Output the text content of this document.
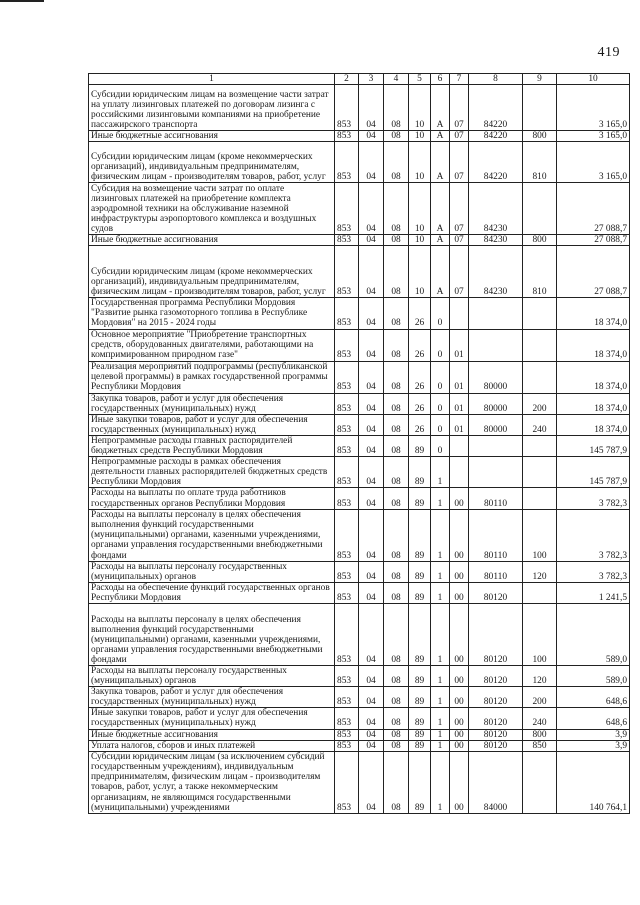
419
1	2	3	4	5	6	7	8	9	10
Субсидии юридическим лицам на возмещение части затрат на уплату лизинговых платежей по договорам лизинга с российскими лизинговыми компаниями на приобретение пассажирского транспорта	853	04	08	10	А	07	84220		3 165,0
Иные бюджетные ассигнования	853	04	08	10	А	07	84220	800	3 165,0
Субсидии юридическим лицам (кроме некоммерческих организаций), индивидуальным предпринимателям, физическим лицам - производителям товаров, работ, услуг	853	04	08	10	А	07	84220	810	3 165,0
Субсидия на возмещение части затрат по оплате лизинговых платежей на приобретение комплекта аэродромной техники на обслуживание наземной инфраструктуры аэропортового комплекса и воздушных судов	853	04	08	10	А	07	84230		27 088,7
Иные бюджетные ассигнования	853	04	08	10	А	07	84230	800	27 088,7
Субсидии юридическим лицам (кроме некоммерческих организаций), индивидуальным предпринимателям, физическим лицам - производителям товаров, работ, услуг	853	04	08	10	А	07	84230	810	27 088,7
Государственная программа Республики Мордовия "Развитие рынка газомоторного топлива в Республике Мордовия" на 2015 - 2024 годы	853	04	08	26	0				18 374,0
Основное мероприятие "Приобретение транспортных средств, оборудованных двигателями, работающими на компримированном природном газе"	853	04	08	26	0	01			18 374,0
Реализация мероприятий подпрограммы (республиканской целевой программы) в рамках государственной программы Республики Мордовия	853	04	08	26	0	01	80000		18 374,0
Закупка товаров, работ и услуг для обеспечения государственных (муниципальных) нужд	853	04	08	26	0	01	80000	200	18 374,0
Иные закупки товаров, работ и услуг для обеспечения государственных (муниципальных) нужд	853	04	08	26	0	01	80000	240	18 374,0
Непрограммные расходы главных распорядителей бюджетных средств Республики Мордовия	853	04	08	89	0				145 787,9
Непрограммные расходы в рамках обеспечения деятельности главных распорядителей бюджетных средств Республики Мордовия	853	04	08	89	1				145 787,9
Расходы на выплаты по оплате труда работников государственных органов Республики Мордовия	853	04	08	89	1	00	80110		3 782,3
Расходы на выплаты персоналу в целях обеспечения выполнения функций государственными (муниципальными) органами, казенными учреждениями, органами управления государственными внебюджетными фондами	853	04	08	89	1	00	80110	100	3 782,3
Расходы на выплаты персоналу государственных (муниципальных) органов	853	04	08	89	1	00	80110	120	3 782,3
Расходы на обеспечение функций государственных органов Республики Мордовия	853	04	08	89	1	00	80120		1 241,5
Расходы на выплаты персоналу в целях обеспечения выполнения функций государственными (муниципальными) органами, казенными учреждениями, органами управления государственными внебюджетными фондами	853	04	08	89	1	00	80120	100	589,0
Расходы на выплаты персоналу государственных (муниципальных) органов	853	04	08	89	1	00	80120	120	589,0
Закупка товаров, работ и услуг для обеспечения государственных (муниципальных) нужд	853	04	08	89	1	00	80120	200	648,6
Иные закупки товаров, работ и услуг для обеспечения государственных (муниципальных) нужд	853	04	08	89	1	00	80120	240	648,6
Иные бюджетные ассигнования	853	04	08	89	1	00	80120	800	3,9
Уплата налогов, сборов и иных платежей	853	04	08	89	1	00	80120	850	3,9
Субсидии юридическим лицам (за исключением субсидий государственным учреждениям), индивидуальным предпринимателям, физическим лицам - производителям товаров, работ, услуг, а также некоммерческим организациям, не являющимся государственными (муниципальными) учреждениями	853	04	08	89	1	00	84000		140 764,1
